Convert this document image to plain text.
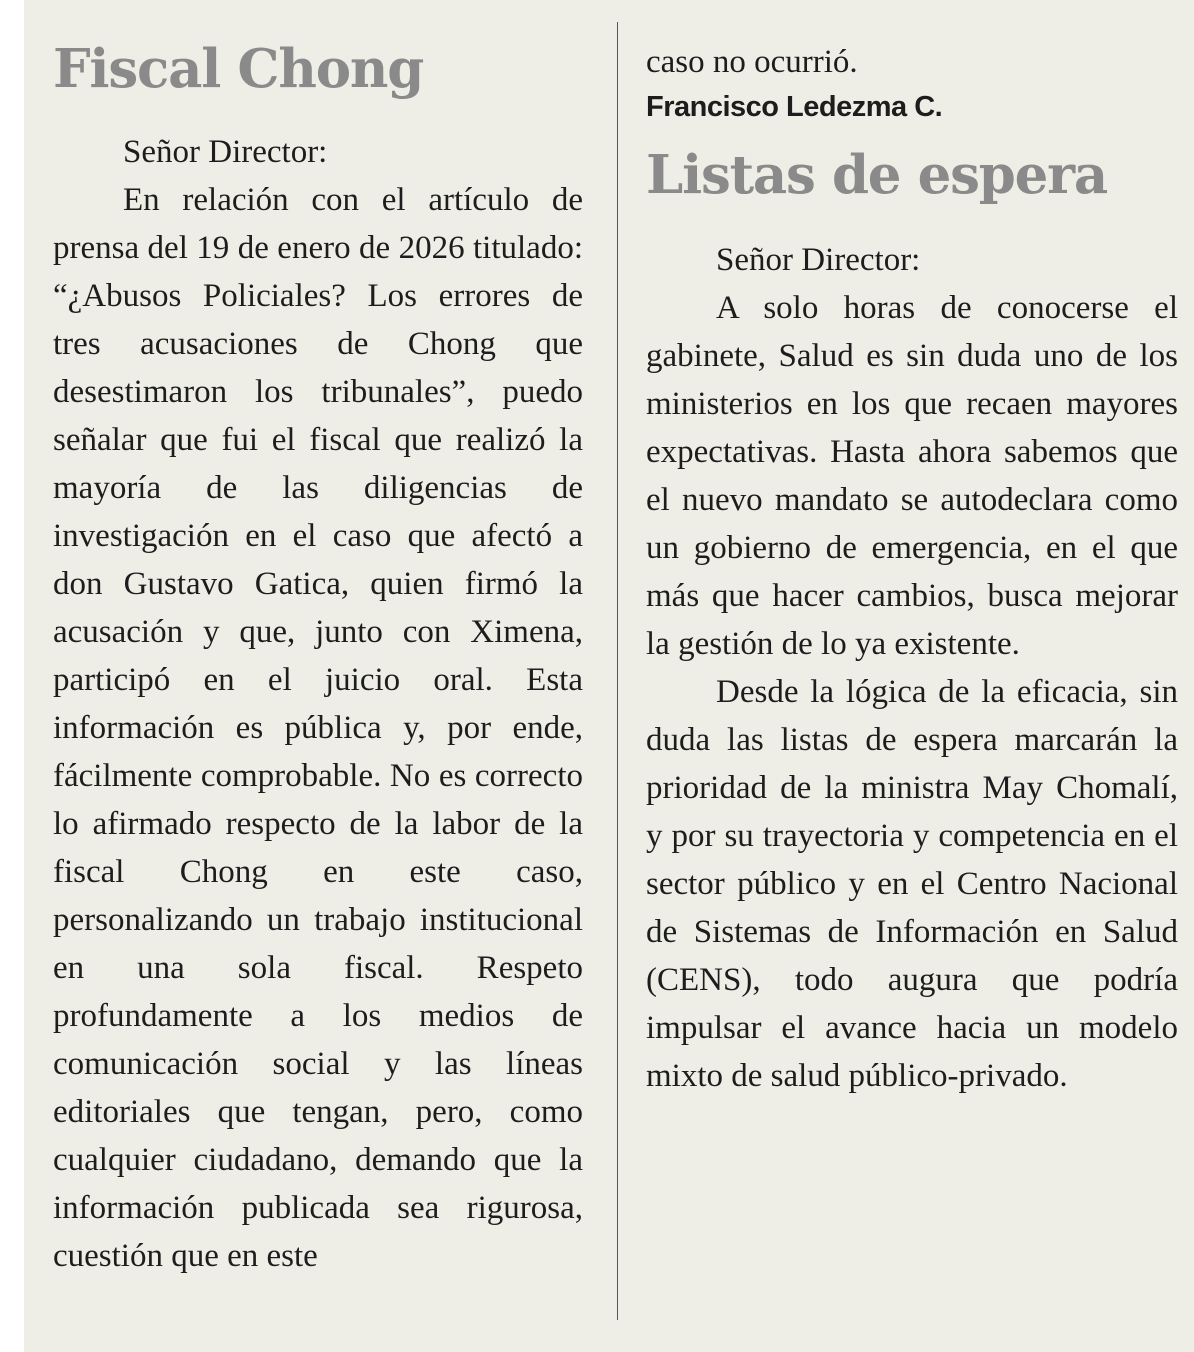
Fiscal Chong

Señor Director:

En relación con el artículo de prensa del 19 de enero de 2026 titulado: “¿Abusos Policiales? Los errores de tres acusaciones de Chong que desestimaron los tribunales”, puedo señalar que fui el fiscal que realizó la mayoría de las diligencias de investigación en el caso que afectó a don Gustavo Gatica, quien firmó la acusación y que, junto con Ximena, participó en el juicio oral. Esta información es pública y, por ende, fácilmente comprobable. No es correcto lo afirmado respecto de la labor de la fiscal Chong en este caso, personalizando un trabajo institucional en una sola fiscal. Respeto profundamente a los medios de comunicación social y las líneas editoriales que tengan, pero, como cualquier ciudadano, demando que la información publicada sea rigurosa, cuestión que en este

caso no ocurrió.

Francisco Ledezma C.

Listas de espera

Señor Director:

A solo horas de conocerse el gabinete, Salud es sin duda uno de los ministerios en los que recaen mayores expectativas. Hasta ahora sabemos que el nuevo mandato se autodeclara como un gobierno de emergencia, en el que más que hacer cambios, busca mejorar la gestión de lo ya existente.

Desde la lógica de la eficacia, sin duda las listas de espera marcarán la prioridad de la ministra May Chomalí, y por su trayectoria y competencia en el sector público y en el Centro Nacional de Sistemas de Información en Salud (CENS), todo augura que podría impulsar el avance hacia un modelo mixto de salud público-privado.
